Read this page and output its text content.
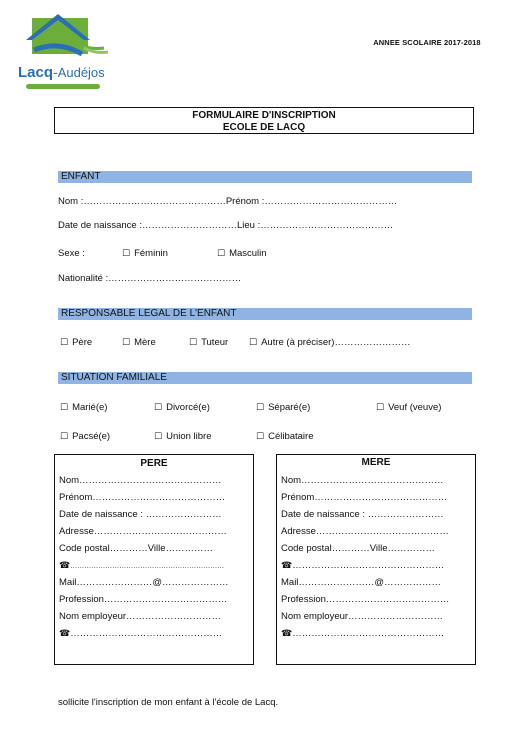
Lacq-Audéjos
ANNEE SCOLAIRE 2017-2018
FORMULAIRE D'INSCRIPTION
ECOLE DE LACQ
ENFANT
Nom :………………………………………Prénom :……………………………………
Date de naissance :…………………………Lieu :……………………………………
Sexe :	☐ Féminin	☐ Masculin
Nationalité :……………………………………
RESPONSABLE LEGAL DE L'ENFANT
☐ Père	☐ Mère	☐ Tuteur ☐ Autre (à préciser)……………………
SITUATION FAMILIALE
☐ Marié(e)	☐ Divorcé(e)	☐ Séparé(e)	☐ Veuf (veuve)
☐ Pacsé(e)	☐ Union libre	☐ Célibataire
PERE
Nom………………………………………
Prénom……………………………………
Date de naissance : ……………………
Adresse……………………………………
Code postal…………Ville……………
☎…………………………………………………………
Mail……………………@…………………
Profession…………………………………
Nom employeur…………………………
☎…………………………………………
MERE
Nom………………………………………
Prénom……………………………………
Date de naissance : ……………………
Adresse……………………………………
Code postal…………Ville……………
☎…………………………………………
Mail……………………@………………
Profession…………………………………
Nom employeur…………………………
☎…………………………………………
sollicite l'inscription de mon enfant à l'école de Lacq.
